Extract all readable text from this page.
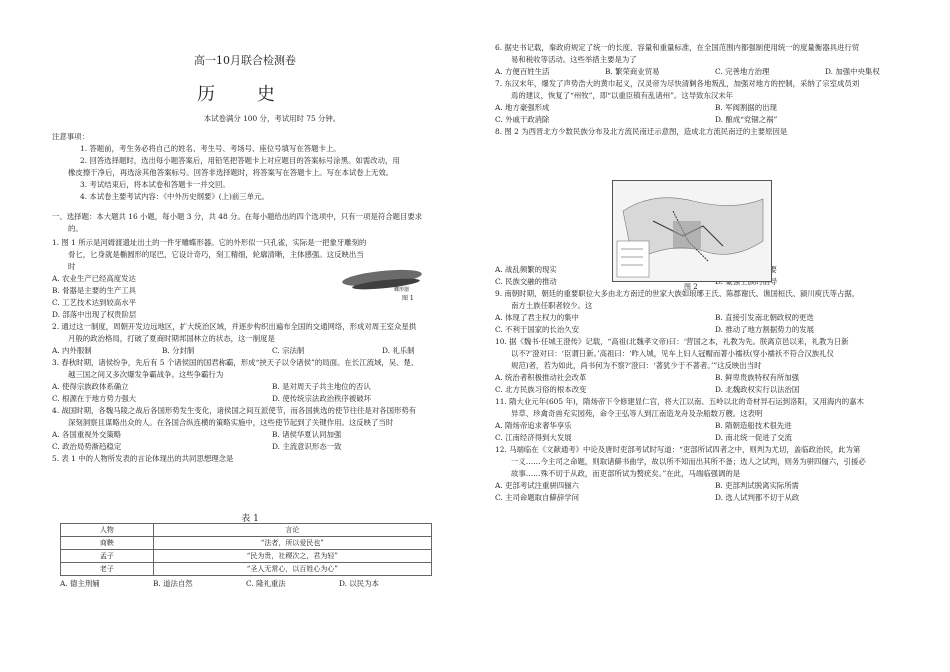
高一10月联合检测卷
历 史
本试卷满分 100 分，考试用时 75 分钟。
注意事项：
1. 答题前，考生务必将自己的姓名、考生号、考场号、座位号填写在答题卡上。
2. 回答选择题时，选出每小题答案后，用铅笔把答题卡上对应题目的答案标号涂黑。如需改动，用
橡皮擦干净后，再选涂其他答案标号。回答非选择题时，将答案写在答题卡上。写在本试卷上无效。
3. 考试结束后，将本试卷和答题卡一并交回。
4. 本试卷主要考试内容：《中外历史纲要》(上)前三单元。
一、选择题：本大题共 16 小题，每小题 3 分，共 48 分。在每小题给出的四个选项中，只有一项是符合题目要求
的。
1. 图 1 所示是河姆渡遗址出土的一件牙雕蝶形器。它的外形似一只孔雀，实际是一把象牙雕刻的
骨匕，匕身就是椭圆形的尾巴，它设计奇巧，刻工精细，轮廓清晰，主体感强。这反映出当
时
A. 农业生产已经高度发达
B. 骨器是主要的生产工具
C. 工艺技术达到较高水平
D. 部落中出现了权贵阶层
2. 通过这一制度，周朝开发边远地区，扩大统治区域，并逐步构织出遍布全国的交通网络，形成对周王室众星拱
月般的政治格局，打破了夏商时期邦国林立的状态，这一制度是
A. 内外服制	B. 分封制	C. 宗法制	D. 礼乐制
3. 春秋时期，诸侯纷争，先后有 5 个诸侯国的国君称霸，形成“挟天子以令诸侯”的局面。在长江流域，吴、楚、
越三国之间又多次爆发争霸战争。这些争霸行为
A. 使得宗族政体系确立	B. 是对周天子共主地位的否认
C. 根源在于地方势力强大	D. 使传统宗法政治秩序被破坏
4. 战国时期，各魏马陵之战后各国形势发生变化，诸侯国之间互派使节，而各国挑选的使节往往是对各国形势有
深刻洞察且谋略出众的人。在各国合纵连横的策略实施中，这些使节起到了关键作用。这反映了当时
A. 各国重视外交策略	B. 诸侯华夏认同加强
C. 政治局势渐趋稳定	D. 主流意识形态一致
5. 表 1 中的人物所发表的言论体现出的共同思想理念是
6. 据史书记载，秦政府规定了统一的长度、容量和重量标准，在全国范围内都强制使用统一的度量衡器具进行贸
易和税收等活动。这些举措主要是为了
A. 方便百姓生活	B. 繁荣商业贸易	C. 完善地方治理	D. 加强中央集权
7. 东汉末年，爆发了声势浩大的黄巾起义，汉灵帝为尽快清剿各地叛乱，加强对地方的控制，采纳了宗室成员刘
焉的建议，恢复了“州牧”，即“以重臣镇有乱诸州”。这导致东汉末年
A. 地方豪强形成	B. 军阀割据的出现
C. 外戚干政消除	D. 酿成“党锢之祸”
8. 图 2 为西晋北方少数民族分布及北方流民南迁示意图，造成北方流民南迁的主要原因是
A. 战乱频繁的现实	B. 江南开发的需要
C. 民族交融的推动	D. 豪强士族的倡导
9. 南朝时期，朝廷的重要职位大多由北方南迁的世家大族如琅琊王氏、陈郡谢氏、谯国桓氏、颍川庾氏等占据，
南方土族任职者较少。这
A. 体现了君主权力的集中	B. 直接引发南北朝政权的更迭
C. 不利于国家的长治久安	D. 推动了地方割据势力的发展
10. 据《魏书·任城王澄传》记载，“高祖(北魏孝文帝)曰：‘营国之本，礼教为先。朕离京邑以来，礼教为日新
以不?’澄对曰：‘臣谓日新。’高祖曰：‘昨入城，见车上妇人冠帽而著小襦袄(穿小襦袄不符合汉族礼仪
规范)者，若为如此，尚书何为不察?’澄曰：‘著犹少于不著者。’”这反映出当时
A. 统治者积极推动社会改革	B. 鲜卑贵族特权有所加强
C. 北方民族习俗的根本改变	D. 北魏政权实行以法治国
11. 隋大业元年(605 年)，隋炀帝下令修建显仁宫，将大江以南、五岭以北的奇材异石运到洛阳，又用海内的嘉木
异草、珍禽奇兽充实园苑，命令王弘等人到江南造龙舟及杂船数万艘。这表明
A. 隋炀帝追求奢华享乐	B. 隋朝造船技术很先进
C. 江南经济得到大发展	D. 南北统一促进了交流
12. 马端临在《文献通考》中论及唐时吏部考试时写道：“吏部所试四者之中，则判为尤切，盖临政治民，此为第
一义……今主司之命题，则取诸僻书曲学，故以所不知而出其所不备；选人之试判，则务为骈四俪六，引援必
故事……殊不切于从政，而吏部所试为赘疣矣。”在此，马端临强调的是
A. 吏部考试注重骈四俪六	B. 吏部判试脱离实际所需
C. 主司命题取自僻辞学问	D. 选人试判都不切于从政
蝶形器
图 1
图 2
表 1
人物	言论
商鞅	“法者，所以爱民也”
孟子	“民为贵，社稷次之，君为轻”
老子	“圣人无常心，以百姓心为心”
A. 德主刑辅	B. 道法自然	C. 隆礼重法	D. 以民为本
